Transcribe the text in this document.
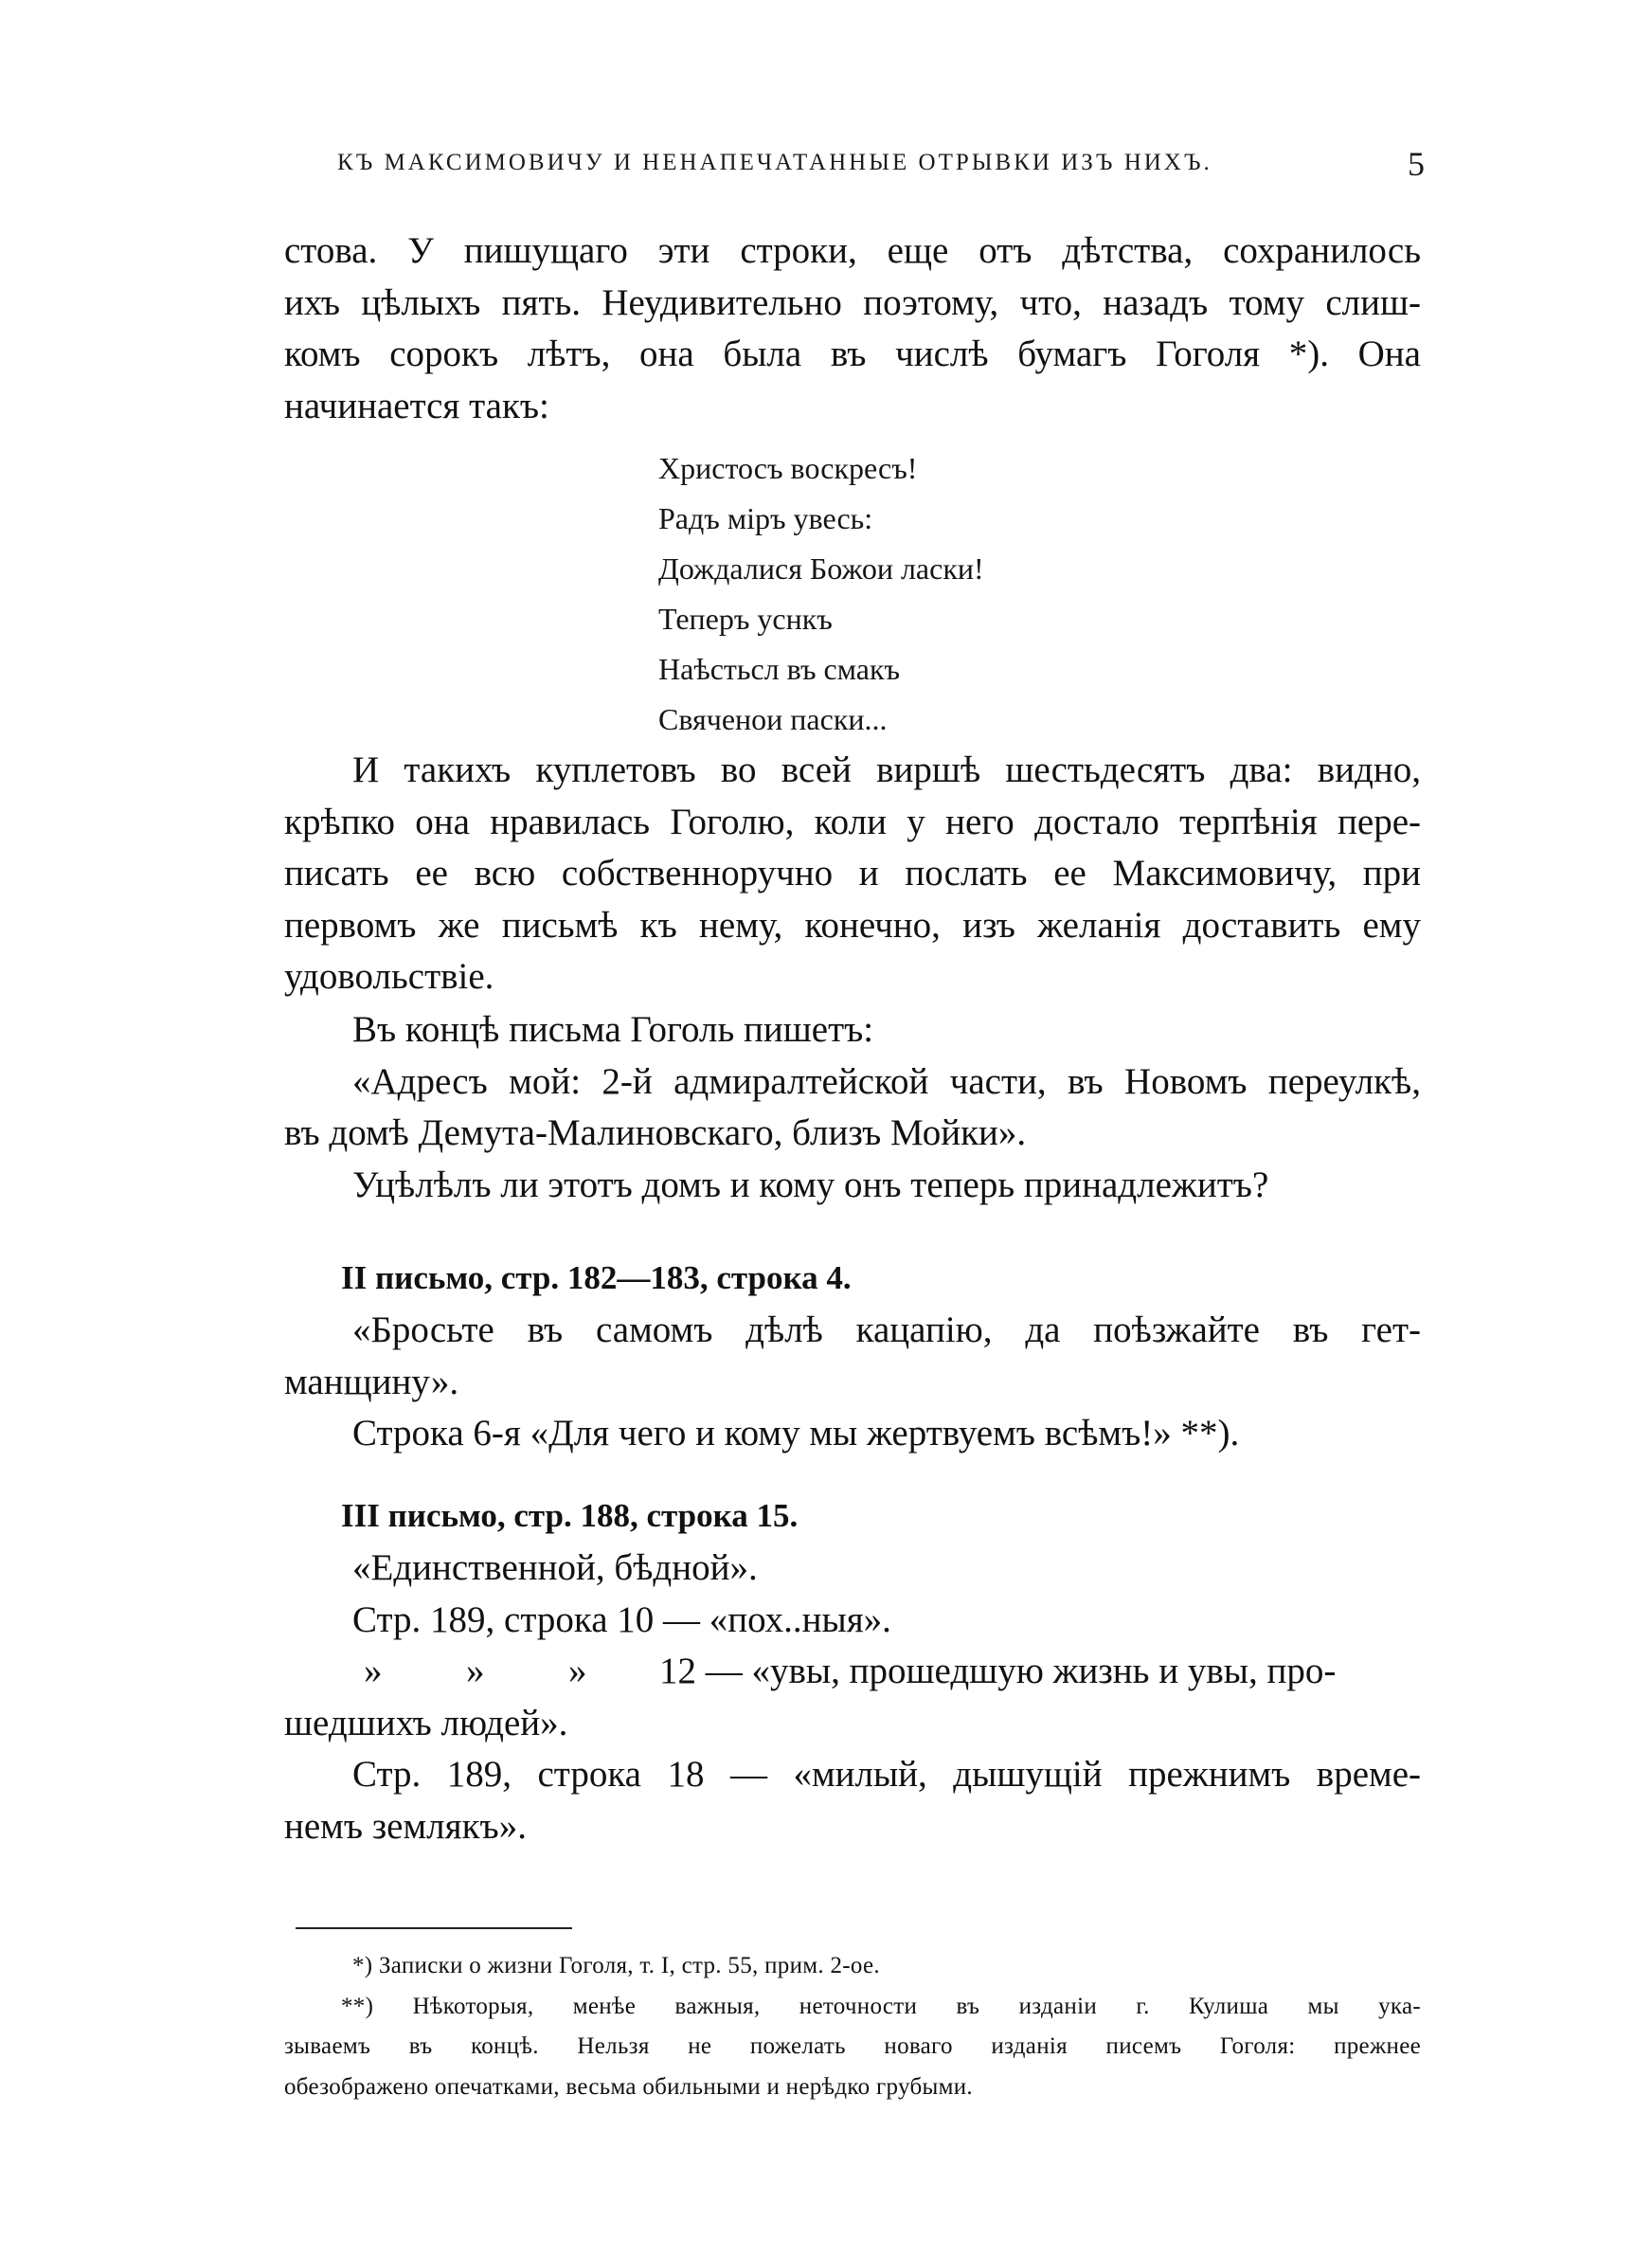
КЪ МАКСИМОВИЧУ И НЕНАПЕЧАТАННЫЕ ОТРЫВКИ ИЗЪ НИХЪ.	5
стова. У пишущаго эти строки, еще отъ дѣтства, сохранилось
ихъ цѣлыхъ пять. Неудивительно поэтому, что, назадъ тому слиш-
комъ сорокъ лѣтъ, она была въ числѣ бумагъ Гоголя *). Она
начинается такъ:
Христосъ воскресъ!
Радъ міръ увесь:
Дождалися Божои ласки!
Теперъ уснкъ
Наѣстьсл въ смакъ
Свяченои паски...
И такихъ куплетовъ во всей виршѣ шестьдесятъ два: видно,
крѣпко она нравилась Гоголю, коли у него достало терпѣнія пере-
писать ее всю собственноручно и послать ее Максимовичу, при
первомъ же письмѣ къ нему, конечно, изъ желанія доставить ему
удовольствіе.
Въ концѣ письма Гоголь пишетъ:
«Адресъ мой: 2-й адмиралтейской части, въ Новомъ переулкѣ,
въ домѣ Демута-Малиновскаго, близъ Мойки».
Уцѣлѣлъ ли этотъ домъ и кому онъ теперь принадлежитъ?
II письмо, стр. 182—183, строка 4.
«Бросьте въ самомъ дѣлѣ кацапію, да поѣзжайте въ гет-
манщину».
Строка 6-я «Для чего и кому мы жертвуемъ всѣмъ!» **).
III письмо, стр. 188, строка 15.
«Единственной, бѣдной».
Стр. 189, строка 10 — «пох..ныя».
» » » 12 — «увы, прошедшую жизнь и увы, про-
шедшихъ людей».
Стр. 189, строка 18 — «милый, дышущій прежнимъ време-
немъ землякъ».
*) Записки о жизни Гоголя, т. I, стр. 55, прим. 2-ое.
**) Нѣкоторыя, менѣе важныя, неточности въ изданіи г. Кулиша мы ука-
зываемъ въ концѣ. Нельзя не пожелать новаго изданія писемъ Гоголя: прежнее
обезображено опечатками, весьма обильными и нерѣдко грубыми.
